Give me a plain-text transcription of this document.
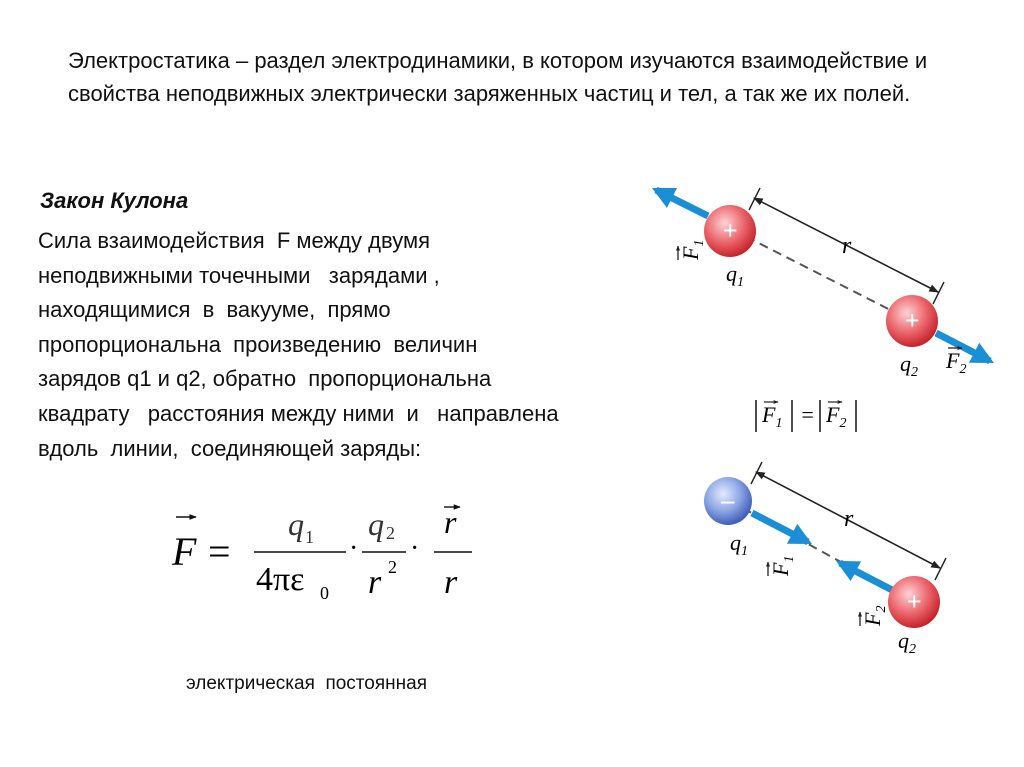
Электростатика – раздел электродинамики, в котором изучаются взаимодействие и свойства неподвижных электрически заряженных частиц и тел, а так же их полей.

Закон Кулона

Сила взаимодействия  F между двумя
неподвижными точечными   зарядами ,
находящимися  в  вакууме,  прямо
пропорциональна  произведению  величин
зарядов q1 и q2, обратно  пропорциональна
квадрату   расстояния между ними  и   направлена
вдоль  линии,  соединяющей заряды:

F =
q 1
4πε 0
·
q 2
r 2
·
r
r

электрическая  постоянная

r
+
+
$q_1$
$q_2$
$F_1$
$F_2$
$F_1 = F_2$
r
–
+
$q_1$
$q_2$
$F_1$
$F_2$
